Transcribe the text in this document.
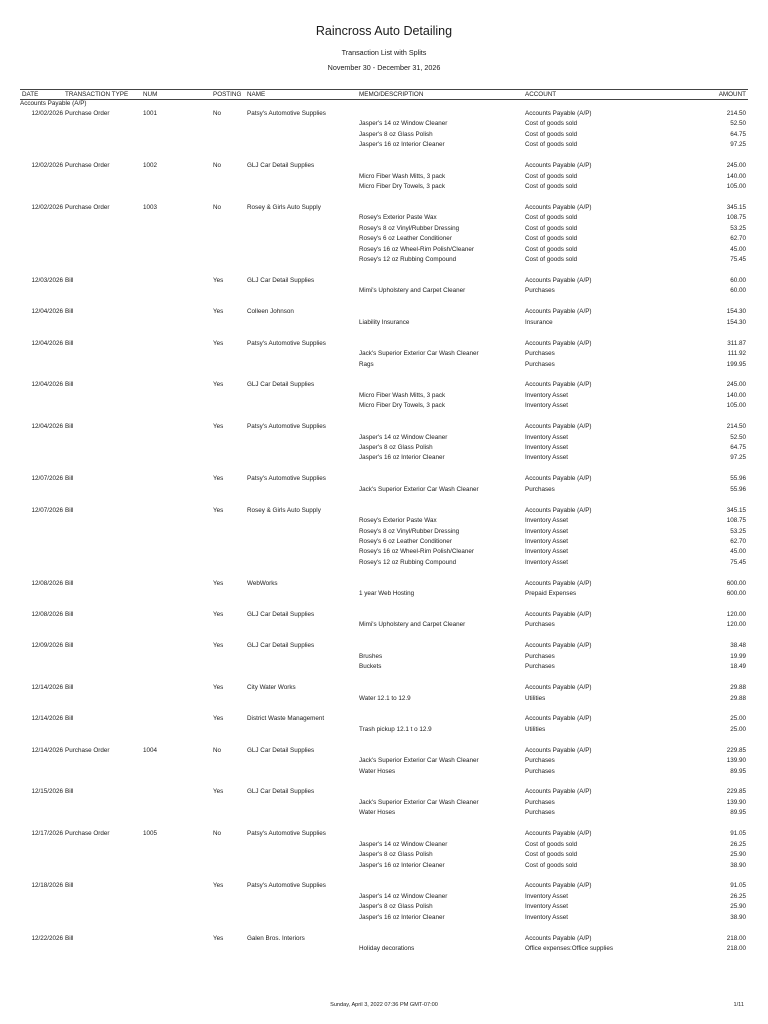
Raincross Auto Detailing
Transaction List with Splits
November 30 - December 31, 2026
DATE	TRANSACTION TYPE NUM	POSTING NAME	MEMO/DESCRIPTION	ACCOUNT	AMOUNT
Accounts Payable (A/P)
12/02/2026 Purchase Order	1001	No	Patsy's Automotive Supplies	Accounts Payable (A/P)	214.50
Jasper's 14 oz Window Cleaner	Cost of goods sold	52.50
Jasper's 8 oz Glass Polish	Cost of goods sold	64.75
Jasper's 16 oz Interior Cleaner	Cost of goods sold	97.25
12/02/2026 Purchase Order	1002	No	GLJ Car Detail Supplies	Accounts Payable (A/P)	245.00
Micro Fiber Wash Mitts, 3 pack	Cost of goods sold	140.00
Micro Fiber Dry Towels, 3 pack	Cost of goods sold	105.00
12/02/2026 Purchase Order	1003	No	Rosey & Girls Auto Supply	Accounts Payable (A/P)	345.15
Rosey's Exterior Paste Wax	Cost of goods sold	108.75
Rosey's 8 oz Vinyl/Rubber Dressing	Cost of goods sold	53.25
Rosey's 6 oz Leather Conditioner	Cost of goods sold	62.70
Rosey's 16 oz Wheel-Rim Polish/Cleaner	Cost of goods sold	45.00
Rosey's 12 oz Rubbing Compound	Cost of goods sold	75.45
12/03/2026 Bill	Yes	GLJ Car Detail Supplies	Accounts Payable (A/P)	60.00
Mimi's Upholstery and Carpet Cleaner	Purchases	60.00
12/04/2026 Bill	Yes	Colleen Johnson	Accounts Payable (A/P)	154.30
Liability Insurance	Insurance	154.30
12/04/2026 Bill	Yes	Patsy's Automotive Supplies	Accounts Payable (A/P)	311.87
Jack's Superior Exterior Car Wash Cleaner	Purchases	111.92
Rags	Purchases	199.95
12/04/2026 Bill	Yes	GLJ Car Detail Supplies	Accounts Payable (A/P)	245.00
Micro Fiber Wash Mitts, 3 pack	Inventory Asset	140.00
Micro Fiber Dry Towels, 3 pack	Inventory Asset	105.00
12/04/2026 Bill	Yes	Patsy's Automotive Supplies	Accounts Payable (A/P)	214.50
Jasper's 14 oz Window Cleaner	Inventory Asset	52.50
Jasper's 8 oz Glass Polish	Inventory Asset	64.75
Jasper's 16 oz Interior Cleaner	Inventory Asset	97.25
12/07/2026 Bill	Yes	Patsy's Automotive Supplies	Accounts Payable (A/P)	55.96
Jack's Superior Exterior Car Wash Cleaner	Purchases	55.96
12/07/2026 Bill	Yes	Rosey & Girls Auto Supply	Accounts Payable (A/P)	345.15
Rosey's Exterior Paste Wax	Inventory Asset	108.75
Rosey's 8 oz Vinyl/Rubber Dressing	Inventory Asset	53.25
Rosey's 6 oz Leather Conditioner	Inventory Asset	62.70
Rosey's 16 oz Wheel-Rim Polish/Cleaner	Inventory Asset	45.00
Rosey's 12 oz Rubbing Compound	Inventory Asset	75.45
12/08/2026 Bill	Yes	WebWorks	Accounts Payable (A/P)	600.00
1 year Web Hosting	Prepaid Expenses	600.00
12/08/2026 Bill	Yes	GLJ Car Detail Supplies	Accounts Payable (A/P)	120.00
Mimi's Upholstery and Carpet Cleaner	Purchases	120.00
12/09/2026 Bill	Yes	GLJ Car Detail Supplies	Accounts Payable (A/P)	38.48
Brushes	Purchases	19.99
Buckets	Purchases	18.49
12/14/2026 Bill	Yes	City Water Works	Accounts Payable (A/P)	29.88
Water 12.1 to 12.9	Utilities	29.88
12/14/2026 Bill	Yes	District Waste Management	Accounts Payable (A/P)	25.00
Trash pickup 12.1 t o 12.9	Utilities	25.00
12/14/2026 Purchase Order	1004	No	GLJ Car Detail Supplies	Accounts Payable (A/P)	229.85
Jack's Superior Exterior Car Wash Cleaner	Purchases	139.90
Water Hoses	Purchases	89.95
12/15/2026 Bill	Yes	GLJ Car Detail Supplies	Accounts Payable (A/P)	229.85
Jack's Superior Exterior Car Wash Cleaner	Purchases	139.90
Water Hoses	Purchases	89.95
12/17/2026 Purchase Order	1005	No	Patsy's Automotive Supplies	Accounts Payable (A/P)	91.05
Jasper's 14 oz Window Cleaner	Cost of goods sold	26.25
Jasper's 8 oz Glass Polish	Cost of goods sold	25.90
Jasper's 16 oz Interior Cleaner	Cost of goods sold	38.90
12/18/2026 Bill	Yes	Patsy's Automotive Supplies	Accounts Payable (A/P)	91.05
Jasper's 14 oz Window Cleaner	Inventory Asset	26.25
Jasper's 8 oz Glass Polish	Inventory Asset	25.90
Jasper's 16 oz Interior Cleaner	Inventory Asset	38.90
12/22/2026 Bill	Yes	Galen Bros. Interiors	Accounts Payable (A/P)	218.00
Holiday decorations	Office expenses:Office supplies	218.00
Sunday, April 3, 2022 07:36 PM GMT-07:00	1/11
